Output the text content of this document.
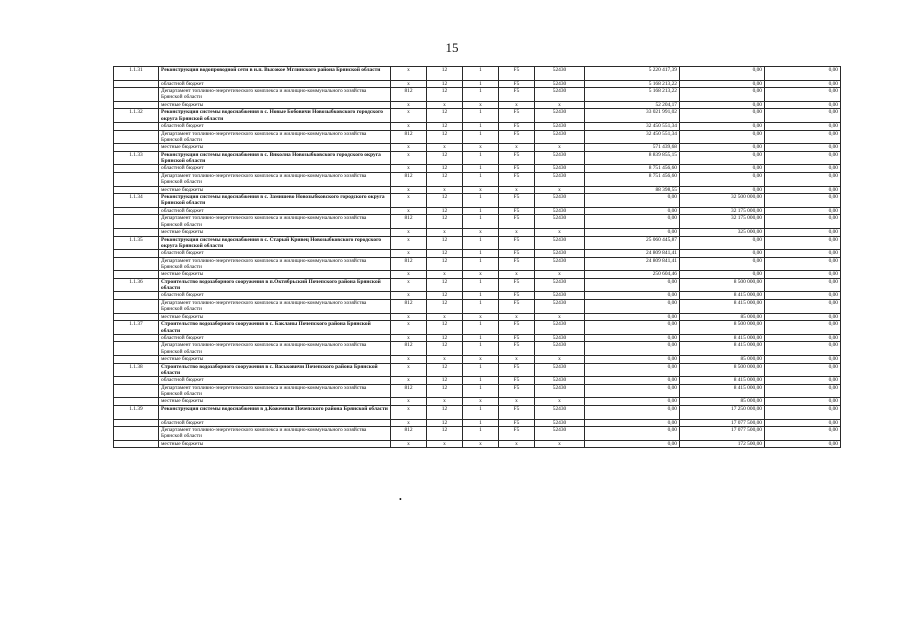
15
1.1.31	Реконструкция водопроводной сети в н.п. Высокое Мглинского района Брянской области	х	12	1	F5	52430	5 220 417,39	0,00	0,00
	областной бюджет	х	12	1	F5	52430	5 168 213,22	0,00	0,00
	Департамент топливно-энергетического комплекса и жилищно-коммунального хозяйства Брянской области	812	12	1	F5	52430	5 168 213,22	0,00	0,00
	местные бюджеты	х	х	х	х	х	52 204,17	0,00	0,00
1.1.32	Реконструкция системы водоснабжения в с. Новые Бобовичи Новозыбковского городского округа Брянской области	х	12	1	F5	52430	33 021 991,02	0,00	0,00
	областной бюджет	х	12	1	F5	52430	32 450 551,34	0,00	0,00
	Департамент топливно-энергетического комплекса и жилищно-коммунального хозяйства Брянской области	812	12	1	F5	52430	32 450 551,34	0,00	0,00
	местные бюджеты	х	х	х	х	х	571 439,68	0,00	0,00
1.1.33	Реконструкция системы водоснабжения в с. Внколна Новозыбковского городского округа Брянской области	х	12	1	F5	52430	8 839 855,15	0,00	0,00
	областной бюджет	х	12	1	F5	52430	8 751 456,60	0,00	0,00
	Департамент топливно-энергетического комплекса и жилищно-коммунального хозяйства Брянской области	812	12	1	F5	52430	8 751 456,60	0,00	0,00
	местные бюджеты	х	х	х	х	х	88 398,55	0,00	0,00
1.1.34	Реконструкция системы водоснабжения в с. Замишево Новозыбковского городского округа Брянской области	х	12	1	F5	52430	0,00	32 500 000,00	0,00
	областной бюджет	х	12	1	F5	52430	0,00	32 175 000,00	0,00
	Департамент топливно-энергетического комплекса и жилищно-коммунального хозяйства Брянской области	812	12	1	F5	52430	0,00	32 175 000,00	0,00
	местные бюджеты	х	х	х	х	х	0,00	325 000,00	0,00
1.1.35	Реконструкция системы водоснабжения в с. Старый Кривец Новозыбковского городского округа Брянской области	х	12	1	F5	52430	25 060 445,87	0,00	0,00
	областной бюджет	х	12	1	F5	52430	24 809 841,41	0,00	0,00
	Департамент топливно-энергетического комплекса и жилищно-коммунального хозяйства Брянской области	812	12	1	F5	52430	24 809 841,41	0,00	0,00
	местные бюджеты	х	х	х	х	х	250 604,46	0,00	0,00
1.1.36	Строительство водозаборного сооружения в п.Октябрьский Почепского района Брянской области	х	12	1	F5	52430	0,00	8 500 000,00	0,00
	областной бюджет	х	12	1	F5	52430	0,00	8 415 000,00	0,00
	Департамент топливно-энергетического комплекса и жилищно-коммунального хозяйства Брянской области	812	12	1	F5	52430	0,00	8 415 000,00	0,00
	местные бюджеты	х	х	х	х	х	0,00	85 000,00	0,00
1.1.37	Строительство водозаборного сооружения в с. Бакланы Почепского района Брянской области	х	12	1	F5	52430	0,00	8 500 000,00	0,00
	областной бюджет	х	12	1	F5	52430	0,00	8 415 000,00	0,00
	Департамент топливно-энергетического комплекса и жилищно-коммунального хозяйства Брянской области	812	12	1	F5	52430	0,00	8 415 000,00	0,00
	местные бюджеты	х	х	х	х	х	0,00	85 000,00	0,00
1.1.38	Строительство водозаборного сооружения в с. Васьковичи Почепского района Брянской области	х	12	1	F5	52430	0,00	8 500 000,00	0,00
	областной бюджет	х	12	1	F5	52430	0,00	8 415 000,00	0,00
	Департамент топливно-энергетического комплекса и жилищно-коммунального хозяйства Брянской области	812	12	1	F5	52430	0,00	8 415 000,00	0,00
	местные бюджеты	х	х	х	х	х	0,00	85 000,00	0,00
1.1.39	Реконструкция системы водоснабжения в д.Кожемяки Почепского района Брянской области	х	12	1	F5	52430	0,00	17 250 000,00	0,00
	областной бюджет	х	12	1	F5	52430	0,00	17 077 500,00	0,00
	Департамент топливно-энергетического комплекса и жилищно-коммунального хозяйства Брянской области	812	12	1	F5	52430	0,00	17 077 500,00	0,00
	местные бюджеты	х	х	х	х	х	0,00	172 500,00	0,00
•
